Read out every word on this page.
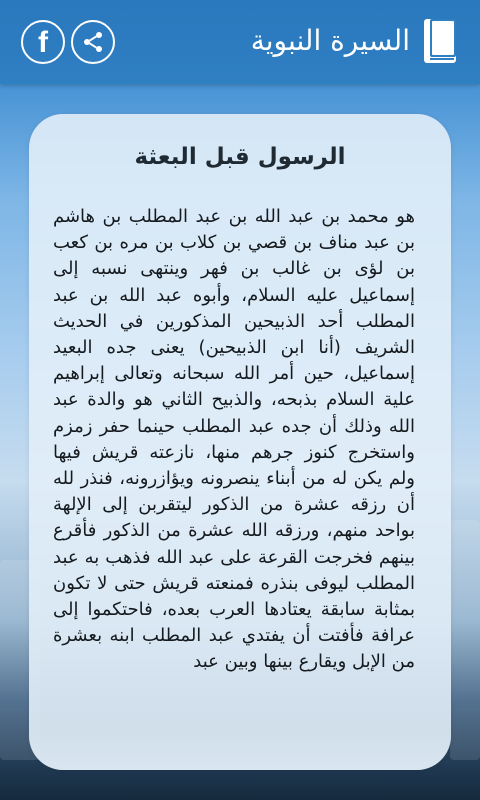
f	السيرة النبوية
الرسول قبل البعثة

هو محمد بن عبد الله بن عبد المطلب بن هاشم بن عبد مناف بن قصي بن كلاب بن مره بن كعب بن لؤى بن غالب بن فهر وينتهى نسبه إلى إسماعيل عليه السلام، وأبوه عبد الله بن عبد المطلب أحد الذبيحين المذكورين في الحديث الشريف (أنا ابن الذبيحين) يعنى جده البعيد إسماعيل، حين أمر الله سبحانه وتعالى إبراهيم علية السلام بذبحه، والذبيح الثاني هو والدة عبد الله وذلك أن جده عبد المطلب حينما حفر زمزم واستخرج كنوز جرهم منها، نازعته قريش فيها ولم يكن له من أبناء ينصرونه ويؤازرونه، فنذر لله أن رزقه عشرة من الذكور ليتقربن إلى الإلهة بواحد منهم، ورزقه الله عشرة من الذكور فأقرع بينهم فخرجت القرعة على عبد الله فذهب به عبد المطلب ليوفى بنذره فمنعته قريش حتى لا تكون بمثابة سابقة يعتادها العرب بعده، فاحتكموا إلى عرافة فأفتت أن يفتدي عبد المطلب ابنه بعشرة من الإبل ويقارع بينها وبين عبد
